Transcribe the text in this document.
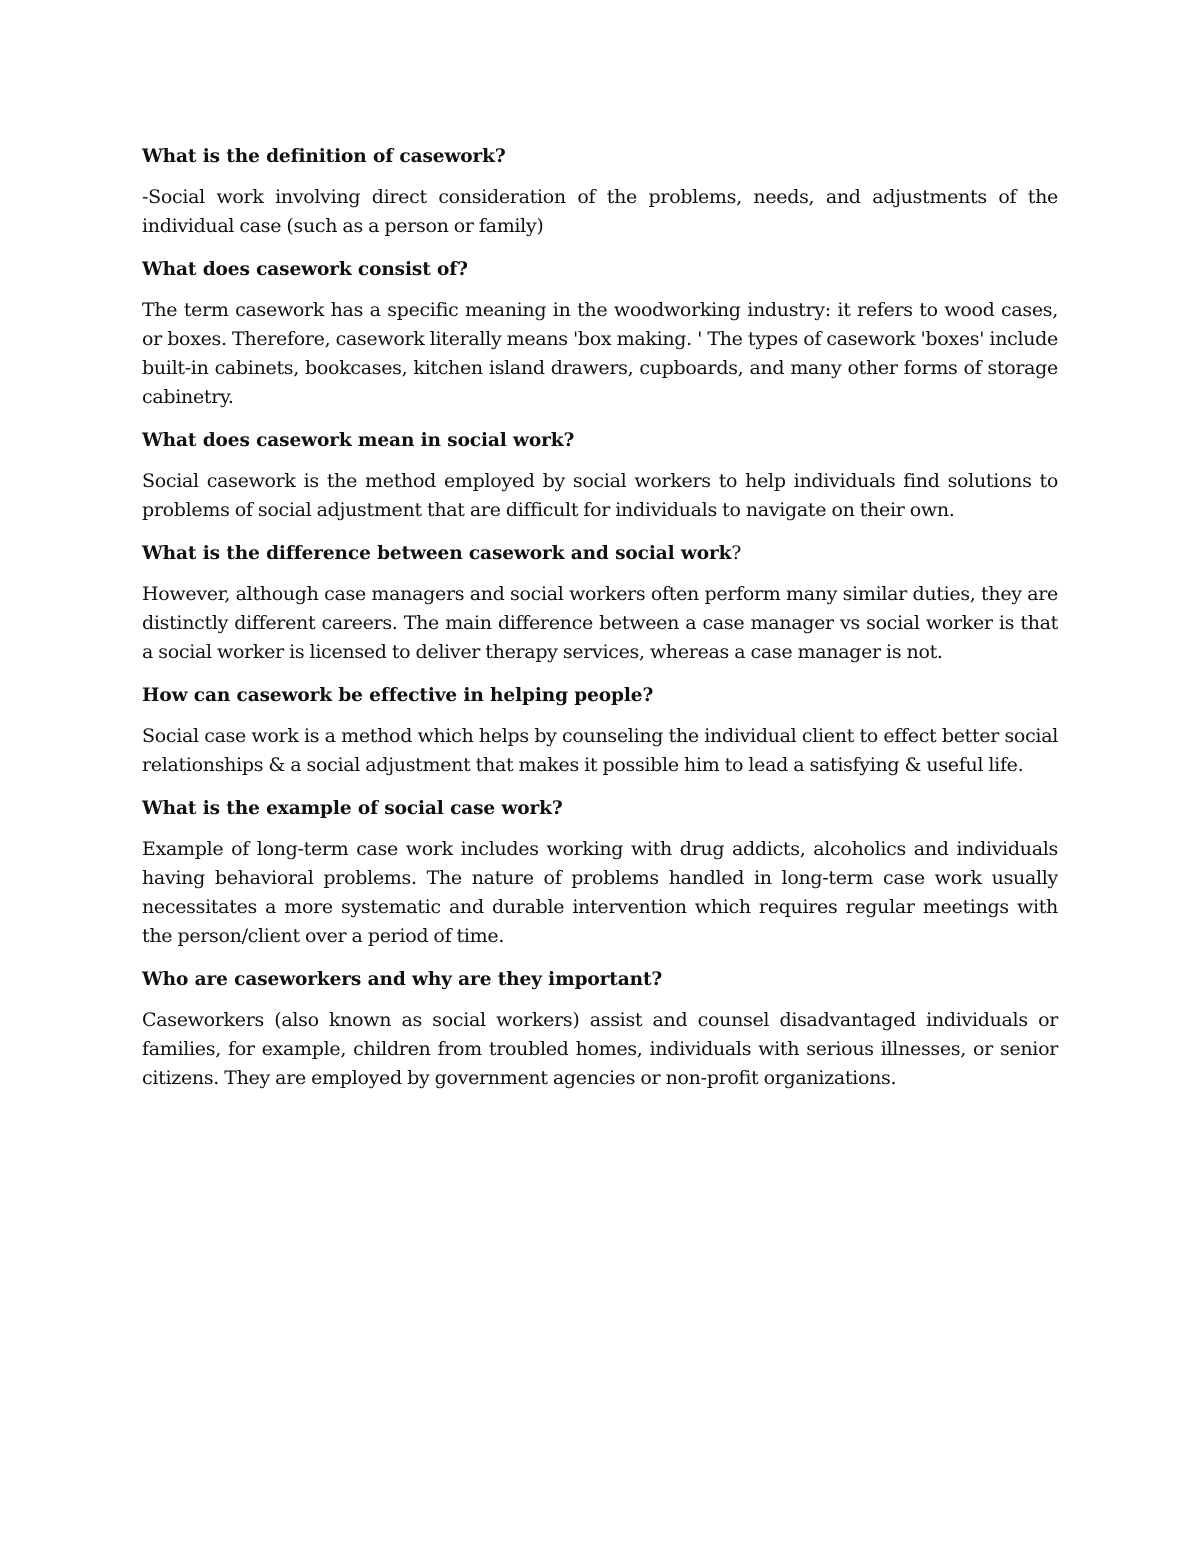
What is the definition of casework?

-Social work involving direct consideration of the problems, needs, and adjustments of the individual case (such as a person or family)

What does casework consist of?

The term casework has a specific meaning in the woodworking industry: it refers to wood cases, or boxes. Therefore, casework literally means 'box making. ' The types of casework 'boxes' include built-in cabinets, bookcases, kitchen island drawers, cupboards, and many other forms of storage cabinetry.

What does casework mean in social work?

Social casework is the method employed by social workers to help individuals find solutions to problems of social adjustment that are difficult for individuals to navigate on their own.

What is the difference between casework and social work?

However, although case managers and social workers often perform many similar duties, they are distinctly different careers. The main difference between a case manager vs social worker is that a social worker is licensed to deliver therapy services, whereas a case manager is not.

How can casework be effective in helping people?

Social case work is a method which helps by counseling the individual client to effect better social relationships & a social adjustment that makes it possible him to lead a satisfying & useful life.

What is the example of social case work?

Example of long-term case work includes working with drug addicts, alcoholics and individuals having behavioral problems. The nature of problems handled in long-term case work usually necessitates a more systematic and durable intervention which requires regular meetings with the person/client over a period of time.

Who are caseworkers and why are they important?

Caseworkers (also known as social workers) assist and counsel disadvantaged individuals or families, for example, children from troubled homes, individuals with serious illnesses, or senior citizens. They are employed by government agencies or non-profit organizations.
